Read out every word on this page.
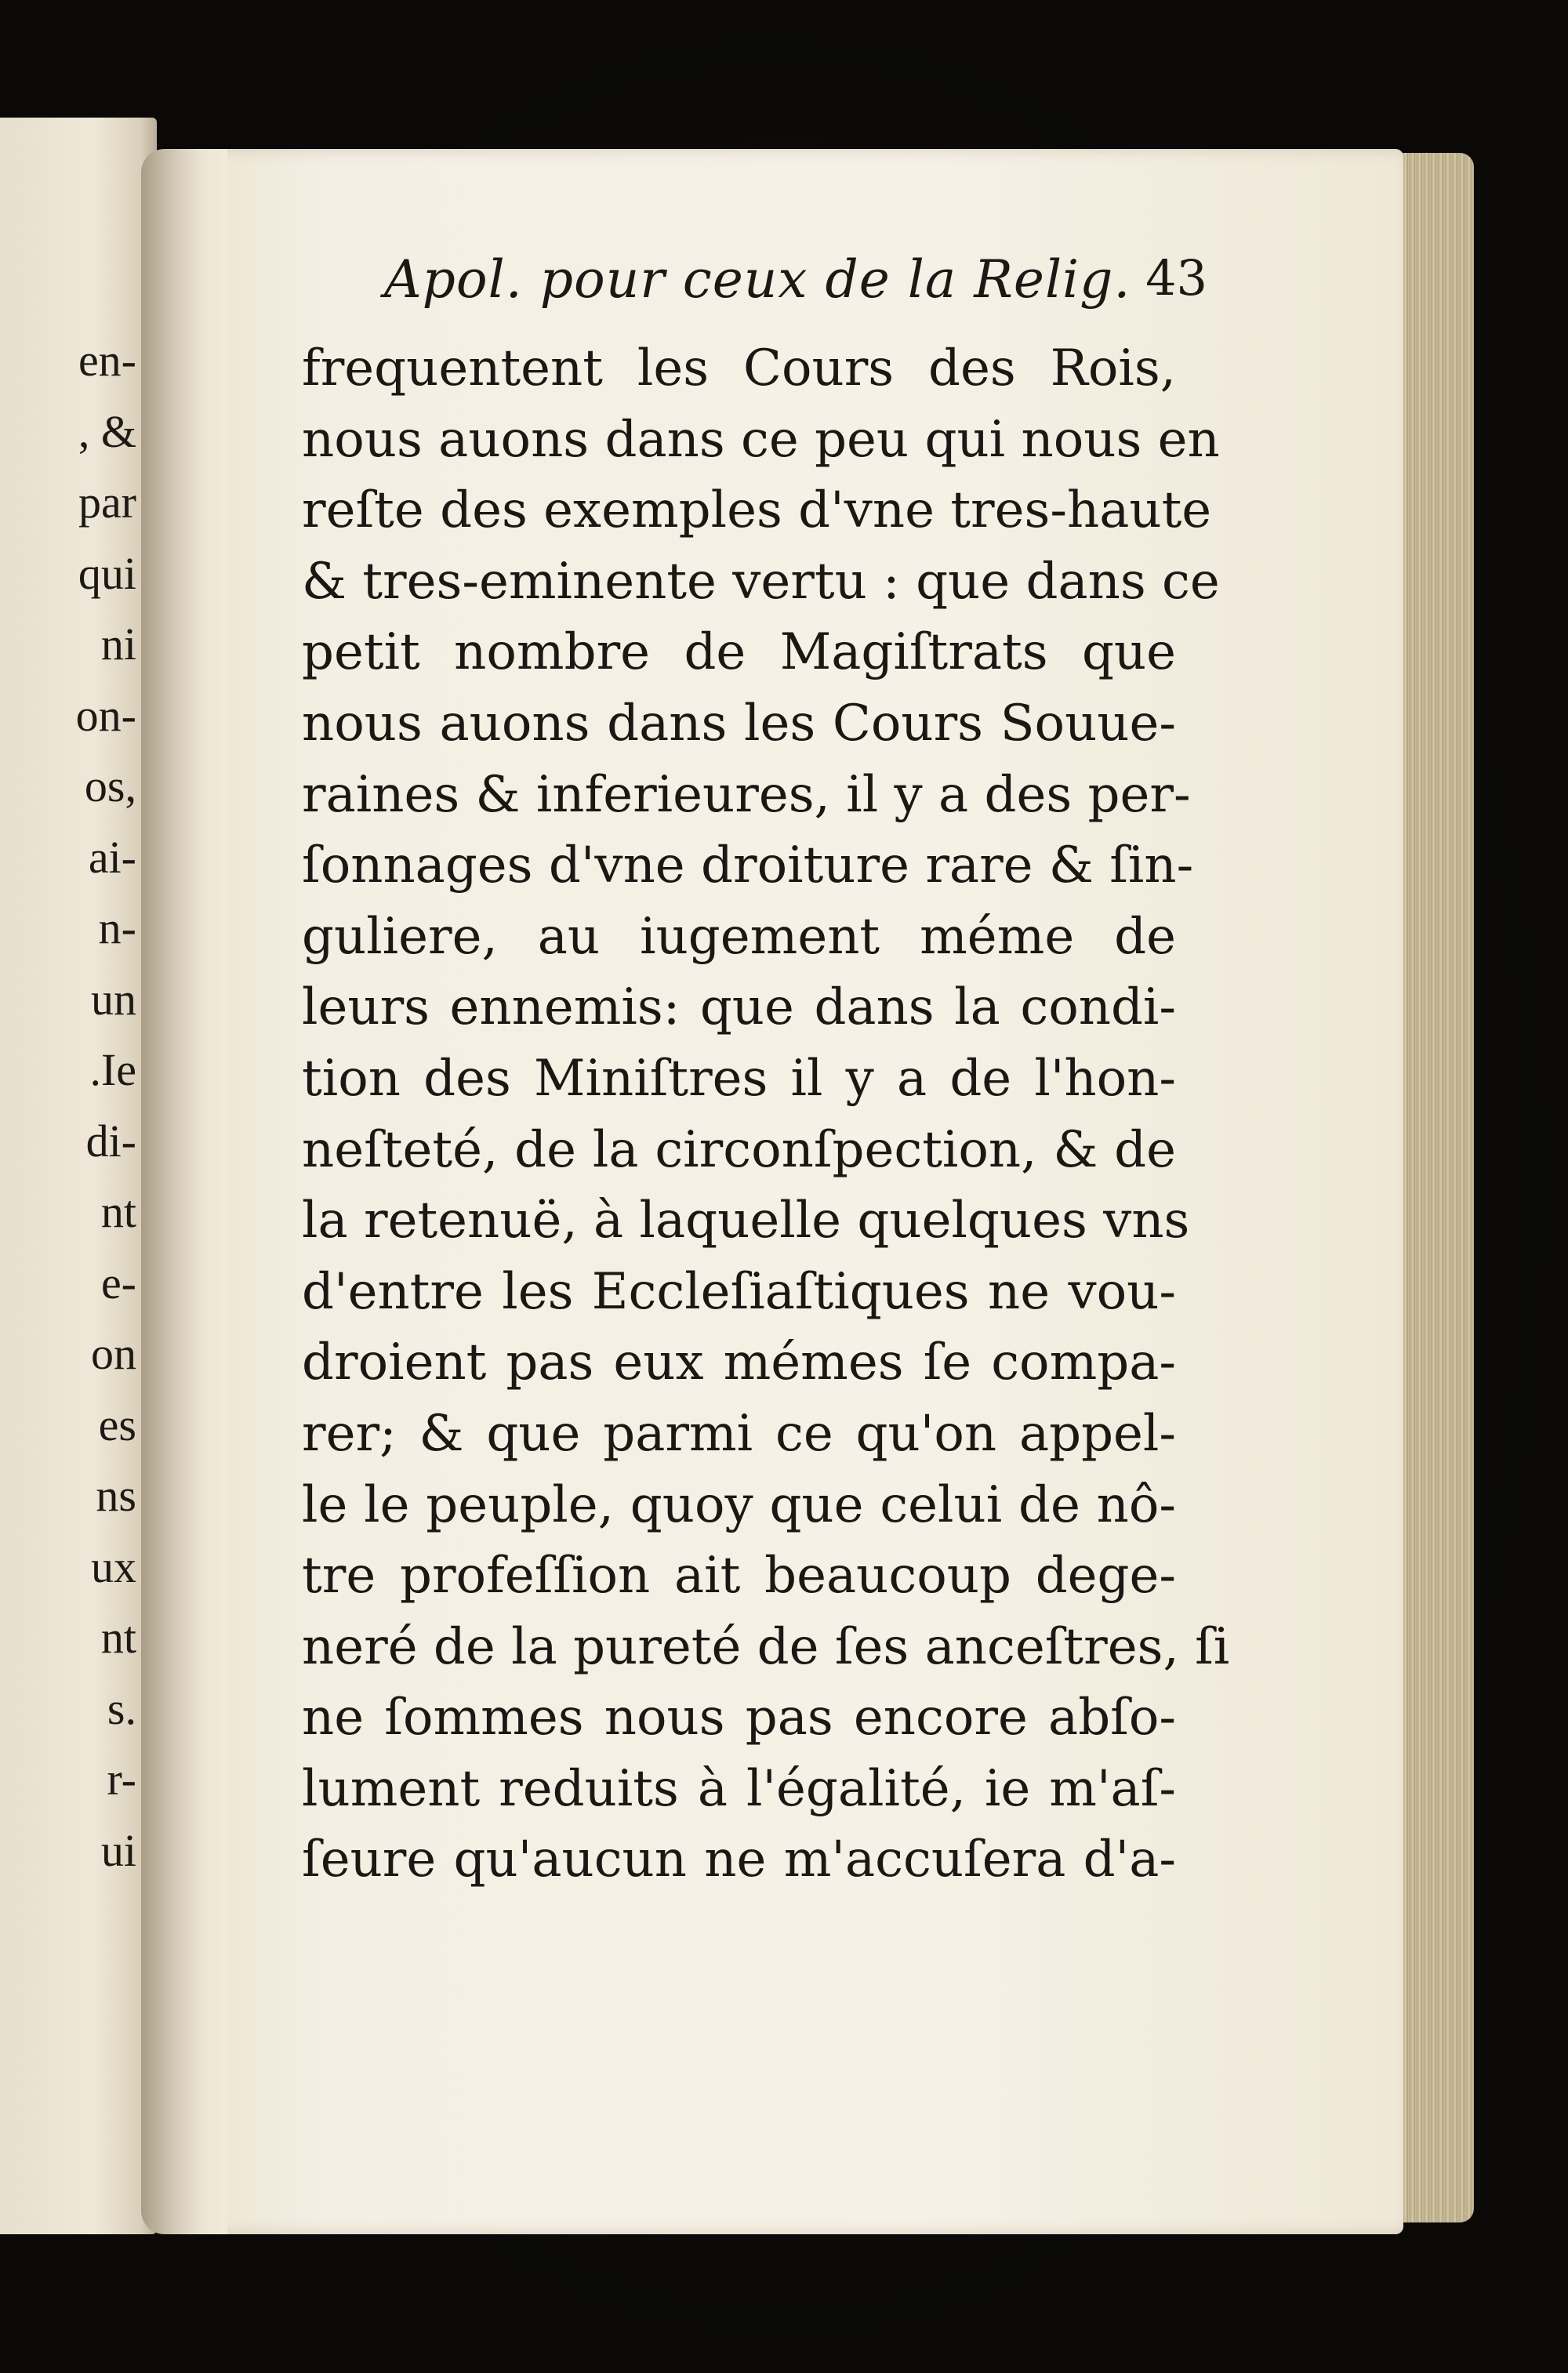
en-
, &
par
qui
ni
on-
os,
ai-
n-
un
.Ie
di-
nt
e-
on
es
ns
ux
nt
s.
r-
ui
Apol. pour ceux de la Relig. 43
frequentent les Cours des Rois,
nous auons dans ce peu qui nous en
reſte des exemples d'vne tres-haute
& tres-eminente vertu : que dans ce
petit nombre de Magiſtrats que
nous auons dans les Cours Souue-
raines & inferieures, il y a des per-
ſonnages d'vne droiture rare & ſin-
guliere, au iugement méme de
leurs ennemis: que dans la condi-
tion des Miniſtres il y a de l'hon-
neſteté, de la circonſpection, & de
la retenuë, à laquelle quelques vns
d'entre les Eccleſiaſtiques ne vou-
droient pas eux mémes ſe compa-
rer; & que parmi ce qu'on appel-
le le peuple, quoy que celui de nô-
tre profeſſion ait beaucoup dege-
neré de la pureté de ſes anceſtres, ſi
ne ſommes nous pas encore abſo-
lument reduits à l'égalité, ie m'aſ-
ſeure qu'aucun ne m'accuſera d'a-
